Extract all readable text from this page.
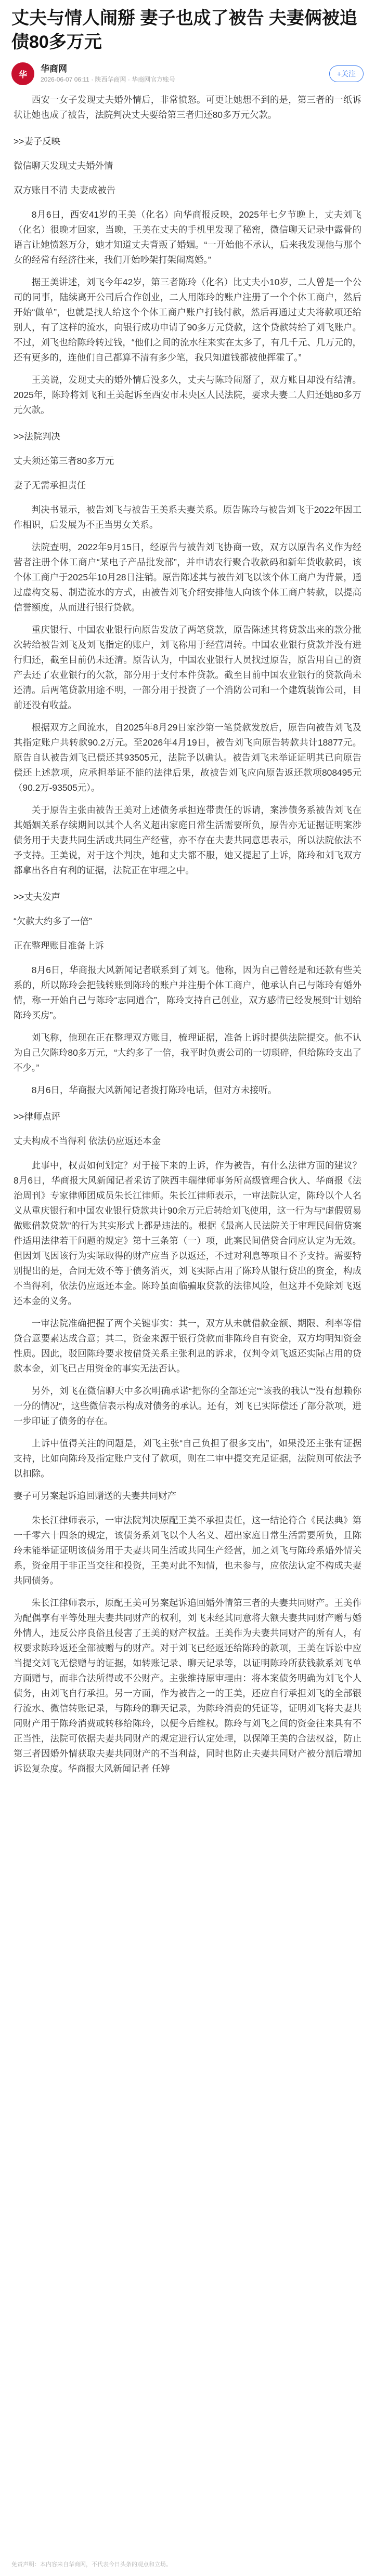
丈夫与情人闹掰 妻子也成了被告 夫妻俩被追债80多万元
华
华商网
2026-06-07 06:11 · 陕西华商网 · 华商网官方账号
+关注

西安一女子发现丈夫婚外情后，非常愤怒。可更让她想不到的是，第三者的一纸诉状让她也成了被告，法院判决丈夫要给第三者归还80多万元欠款。

>>妻子反映

微信聊天发现丈夫婚外情

双方账目不清 夫妻成被告

8月6日，西安41岁的王美（化名）向华商报反映，2025年七夕节晚上，丈夫刘飞（化名）很晚才回家，当晚，王美在丈夫的手机里发现了秘密，微信聊天记录中露骨的语言让她愤怒万分，她才知道丈夫背叛了婚姻。“一开始他不承认，后来我发现他与那个女的经常有经济往来，我们开始吵架打架闹离婚。”

据王美讲述，刘飞今年42岁，第三者陈玲（化名）比丈夫小10岁，二人曾是一个公司的同事，陆续离开公司后合作创业，二人用陈玲的账户注册了一个个体工商户，然后开始“做单”，也就是找人给这个个体工商户账户打钱付款，然后再通过丈夫将款项还给别人，有了这样的流水，向银行成功申请了90多万元贷款，这个贷款转给了刘飞账户。不过，刘飞也给陈玲转过钱，“他们之间的流水往来实在太多了，有几千元、几万元的，还有更多的，连他们自己都算不清有多少笔，我只知道钱都被他挥霍了。”

王美说，发现丈夫的婚外情后没多久，丈夫与陈玲闹掰了，双方账目却没有结清。2025年，陈玲将刘飞和王美起诉至西安市未央区人民法院，要求夫妻二人归还她80多万元欠款。

>>法院判决

丈夫须还第三者80多万元

妻子无需承担责任

判决书显示，被告刘飞与被告王美系夫妻关系。原告陈玲与被告刘飞于2022年因工作相识，后发展为不正当男女关系。

法院查明，2022年9月15日，经原告与被告刘飞协商一致，双方以原告名义作为经营者注册个体工商户“某电子产品批发部”，并申请农行聚合收款码和新年货收款码，该个体工商户于2025年10月28日注销。原告陈述其与被告刘飞以该个体工商户为背景，通过虚构交易、制造流水的方式，由被告刘飞介绍安排他人向该个体工商户转款，以提高信誉额度，从而进行银行贷款。

重庆银行、中国农业银行向原告发放了两笔贷款，原告陈述其将贷款出来的款分批次转给被告刘飞及刘飞指定的账户，刘飞称用于经营周转。中国农业银行贷款并没有进行归还，截至目前仍未还清。原告认为，中国农业银行人员找过原告，原告用自己的资产去还了农业银行的欠款，部分用于支付本件贷款。截至目前中国农业银行的贷款尚未还清。后两笔贷款用途不明，一部分用于投资了一个消防公司和一个建筑装饰公司，目前还没有收益。

根据双方之间流水，自2025年8月29日家沙第一笔贷款发放后，原告向被告刘飞及其指定账户共转款90.2万元。至2026年4月19日，被告刘飞向原告转款共计18877元。原告自认被告刘飞已偿还其93505元，法院予以确认。被告刘飞未举证证明其已向原告偿还上述款项，应承担举证不能的法律后果，故被告刘飞应向原告返还款项808495元（90.2万-93505元）。

关于原告主张由被告王美对上述债务承担连带责任的诉请，案涉债务系被告刘飞在其婚姻关系存续期间以其个人名义超出家庭日常生活需要所负，原告亦无证据证明案涉债务用于夫妻共同生活或共同生产经营，亦不存在夫妻共同意思表示，所以法院依法不予支持。王美说，对于这个判决，她和丈夫都不服，她又提起了上诉，陈玲和刘飞双方都拿出各自有利的证据，法院正在审理之中。

>>丈夫发声

“欠款大约多了一倍”

正在整理账目准备上诉

8月6日，华商报大风新闻记者联系到了刘飞。他称，因为自己曾经是和还款有些关系的，所以陈玲会把钱转账到陈玲的账户并注册个体工商户，他承认自己与陈玲有婚外情，称一开始自己与陈玲“志同道合”，陈玲支持自己创业，双方感情已经发展到“计划给陈玲买房”。

刘飞称，他现在正在整理双方账目，梳理证据，准备上诉时提供法院提交。他不认为自己欠陈玲80多万元，“大约多了一倍，我平时负责公司的一切琐碎，但给陈玲支出了不少。”

8月6日，华商报大风新闻记者拨打陈玲电话，但对方未接听。

>>律师点评

丈夫构成不当得利 依法仍应返还本金

此事中，权责如何划定？对于接下来的上诉，作为被告，有什么法律方面的建议？8月6日，华商报大风新闻记者采访了陕西丰瑞律师事务所高级管理合伙人、华商报《法治周刊》专家律师团成员朱长江律师。朱长江律师表示，一审法院认定，陈玲以个人名义从重庆银行和中国农业银行贷款共计90余万元后转给刘飞使用，这一行为与“虚假贸易做账借款贷款”的行为其实形式上都是违法的。根据《最高人民法院关于审理民间借贷案件适用法律若干问题的规定》第十三条第（一）项，此案民间借贷合同应认定为无效。但因刘飞因该行为实际取得的财产应当予以返还，不过对利息等项目不予支持。需要特别提出的是，合同无效不等于债务消灭，刘飞实际占用了陈玲从银行贷出的资金，构成不当得利，依法仍应返还本金。陈玲虽面临骗取贷款的法律风险，但这并不免除刘飞返还本金的义务。

一审法院准确把握了两个关键事实：其一，双方从未就借款金额、期限、利率等借贷合意要素达成合意；其二，资金来源于银行贷款而非陈玲自有资金，双方均明知资金性质。因此，驳回陈玲要求按借贷关系主张利息的诉求，仅判令刘飞返还实际占用的贷款本金，刘飞已占用资金的事实无法否认。

另外，刘飞在微信聊天中多次明确承诺“把你的全部还完”“该我的我认”“没有想赖你一分的情况”，这些微信表示构成对债务的承认。还有，刘飞已实际偿还了部分款项，进一步印证了债务的存在。

上诉中值得关注的问题是，刘飞主张“自己负担了很多支出”，如果没还主张有证据支持，比如向陈玲及指定账户支付了款项，则在二审中提交充足证据，法院则可依法予以扣除。

妻子可另案起诉追回赠送的夫妻共同财产

朱长江律师表示，一审法院判决原配王美不承担责任，这一结论符合《民法典》第一千零六十四条的规定，该债务系刘飞以个人名义、超出家庭日常生活需要所负，且陈玲未能举证证明该债务用于夫妻共同生活或共同生产经营，加之刘飞与陈玲系婚外情关系，资金用于非正当交往和投资，王美对此不知情，也未参与，应依法认定不构成夫妻共同债务。

朱长江律师表示，原配王美可另案起诉追回婚外情第三者的夫妻共同财产。王美作为配偶享有平等处理夫妻共同财产的权利，刘飞未经其同意将大额夫妻共同财产赠与婚外情人，违反公序良俗且侵害了王美的财产权益。王美作为夫妻共同财产的所有人，有权要求陈玲返还全部被赠与的财产。对于刘飞已经返还给陈玲的款项，王美在诉讼中应当提交刘飞无偿赠与的证据，如转账记录、聊天记录等，以证明陈玲所获钱款系刘飞单方面赠与，而非合法所得或不公财产。主张维持原审理由：将本案债务明确为刘飞个人债务，由刘飞自行承担。另一方面，作为被告之一的王美，还应自行承担刘飞的全部银行流水、微信转账记录，与陈玲的聊天记录，为陈玲消费的凭证等，证明刘飞将夫妻共同财产用于陈玲消费或转移给陈玲，以便今后维权。陈玲与刘飞之间的资金往来具有不正当性，法院可依据夫妻共同财产的规定进行认定处理，以保障王美的合法权益，防止第三者因婚外情获取夫妻共同财产的不当利益，同时也防止夫妻共同财产被分割后增加诉讼复杂度。华商报大风新闻记者 任婷

免责声明：本内容来自华商网，不代表今日头条的观点和立场。
